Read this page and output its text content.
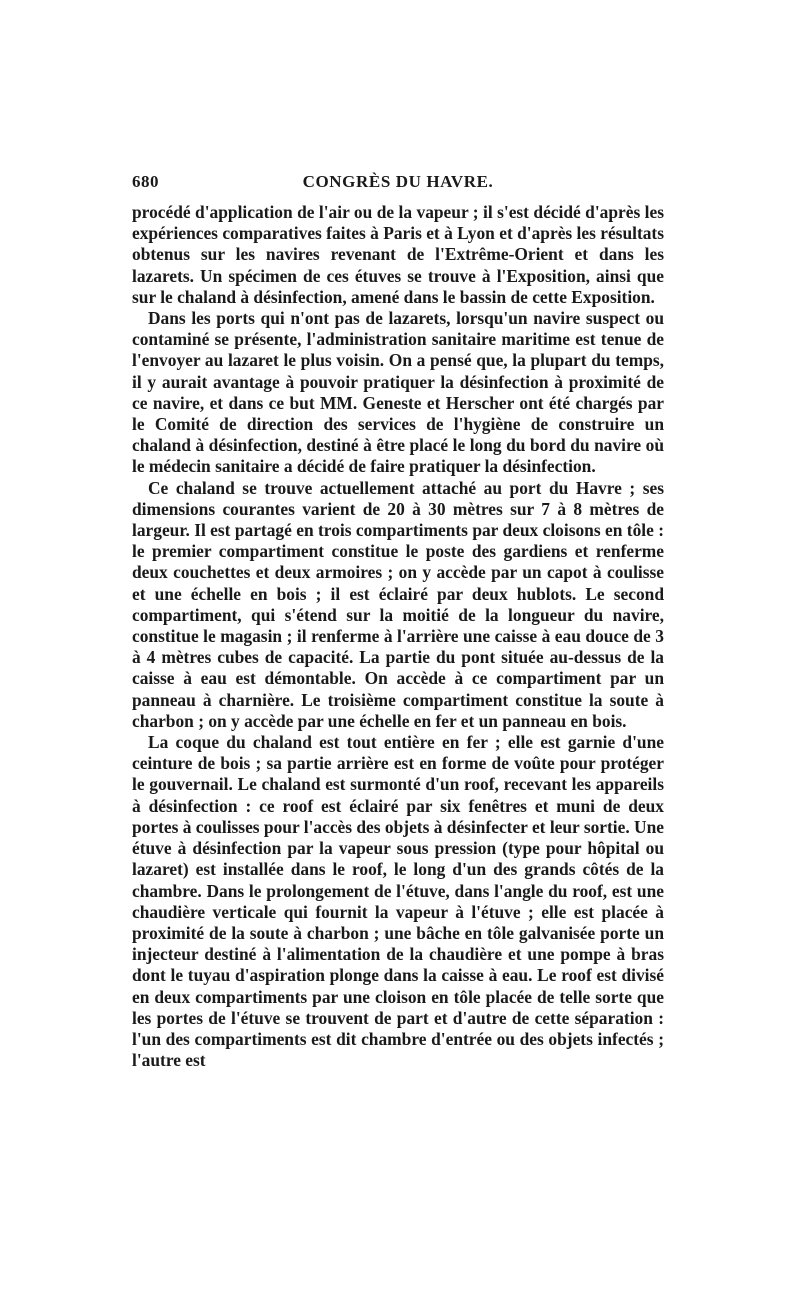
680	CONGRÈS DU HAVRE.

procédé d'application de l'air ou de la vapeur ; il s'est décidé d'après les expériences comparatives faites à Paris et à Lyon et d'après les résultats obtenus sur les navires revenant de l'Extrême-Orient et dans les lazarets. Un spécimen de ces étuves se trouve à l'Exposition, ainsi que sur le chaland à désinfection, amené dans le bassin de cette Exposition.

Dans les ports qui n'ont pas de lazarets, lorsqu'un navire suspect ou contaminé se présente, l'administration sanitaire maritime est tenue de l'envoyer au lazaret le plus voisin. On a pensé que, la plupart du temps, il y aurait avantage à pouvoir pratiquer la désinfection à proximité de ce navire, et dans ce but MM. Geneste et Herscher ont été chargés par le Comité de direction des services de l'hygiène de construire un chaland à désinfection, destiné à être placé le long du bord du navire où le médecin sanitaire a décidé de faire pratiquer la désinfection.

Ce chaland se trouve actuellement attaché au port du Havre ; ses dimensions courantes varient de 20 à 30 mètres sur 7 à 8 mètres de largeur. Il est partagé en trois compartiments par deux cloisons en tôle : le premier compartiment constitue le poste des gardiens et renferme deux couchettes et deux armoires ; on y accède par un capot à coulisse et une échelle en bois ; il est éclairé par deux hublots. Le second compartiment, qui s'étend sur la moitié de la longueur du navire, constitue le magasin ; il renferme à l'arrière une caisse à eau douce de 3 à 4 mètres cubes de capacité. La partie du pont située au-dessus de la caisse à eau est démontable. On accède à ce compartiment par un panneau à charnière. Le troisième compartiment constitue la soute à charbon ; on y accède par une échelle en fer et un panneau en bois.

La coque du chaland est tout entière en fer ; elle est garnie d'une ceinture de bois ; sa partie arrière est en forme de voûte pour protéger le gouvernail. Le chaland est surmonté d'un roof, recevant les appareils à désinfection : ce roof est éclairé par six fenêtres et muni de deux portes à coulisses pour l'accès des objets à désinfecter et leur sortie. Une étuve à désinfection par la vapeur sous pression (type pour hôpital ou lazaret) est installée dans le roof, le long d'un des grands côtés de la chambre. Dans le prolongement de l'étuve, dans l'angle du roof, est une chaudière verticale qui fournit la vapeur à l'étuve ; elle est placée à proximité de la soute à charbon ; une bâche en tôle galvanisée porte un injecteur destiné à l'alimentation de la chaudière et une pompe à bras dont le tuyau d'aspiration plonge dans la caisse à eau. Le roof est divisé en deux compartiments par une cloison en tôle placée de telle sorte que les portes de l'étuve se trouvent de part et d'autre de cette séparation : l'un des compartiments est dit chambre d'entrée ou des objets infectés ; l'autre est
